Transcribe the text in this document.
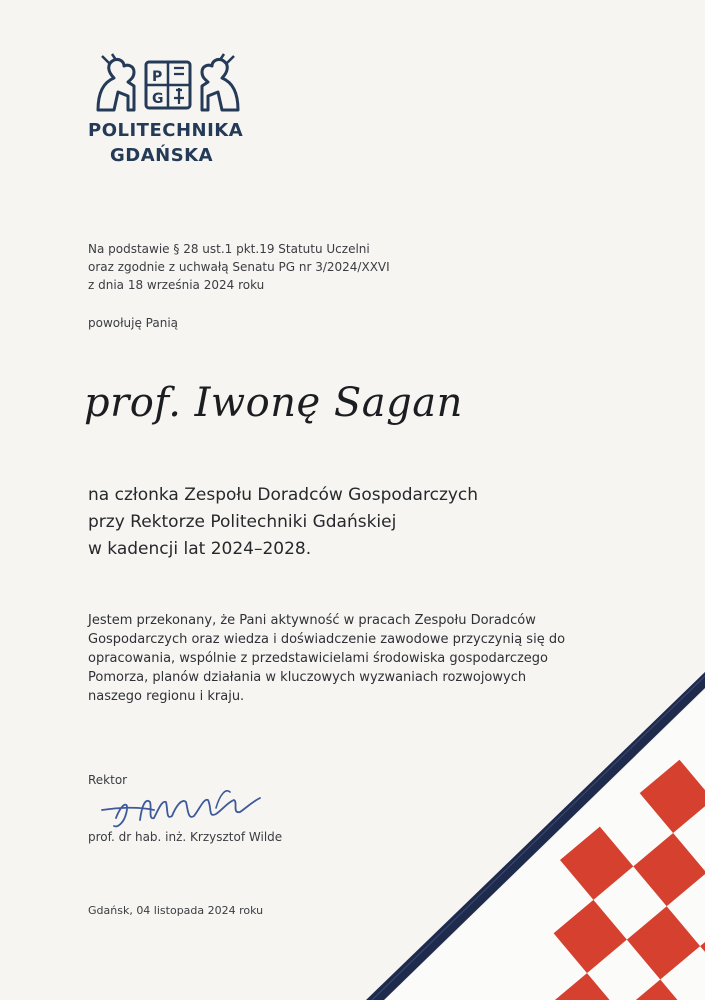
P
G
POLITECHNIKA
GDAŃSKA
Na podstawie § 28 ust.1 pkt.19 Statutu Uczelni
oraz zgodnie z uchwałą Senatu PG nr 3/2024/XXVI
z dnia 18 września 2024 roku
powołuję Panią
prof. Iwonę Sagan
na członka Zespołu Doradców Gospodarczych
przy Rektorze Politechniki Gdańskiej
w kadencji lat 2024–2028.
Jestem przekonany, że Pani aktywność w pracach Zespołu Doradców
Gospodarczych oraz wiedza i doświadczenie zawodowe przyczynią się do
opracowania, wspólnie z przedstawicielami środowiska gospodarczego
Pomorza, planów działania w kluczowych wyzwaniach rozwojowych
naszego regionu i kraju.
Rektor
prof. dr hab. inż. Krzysztof Wilde
Gdańsk, 04 listopada 2024 roku
